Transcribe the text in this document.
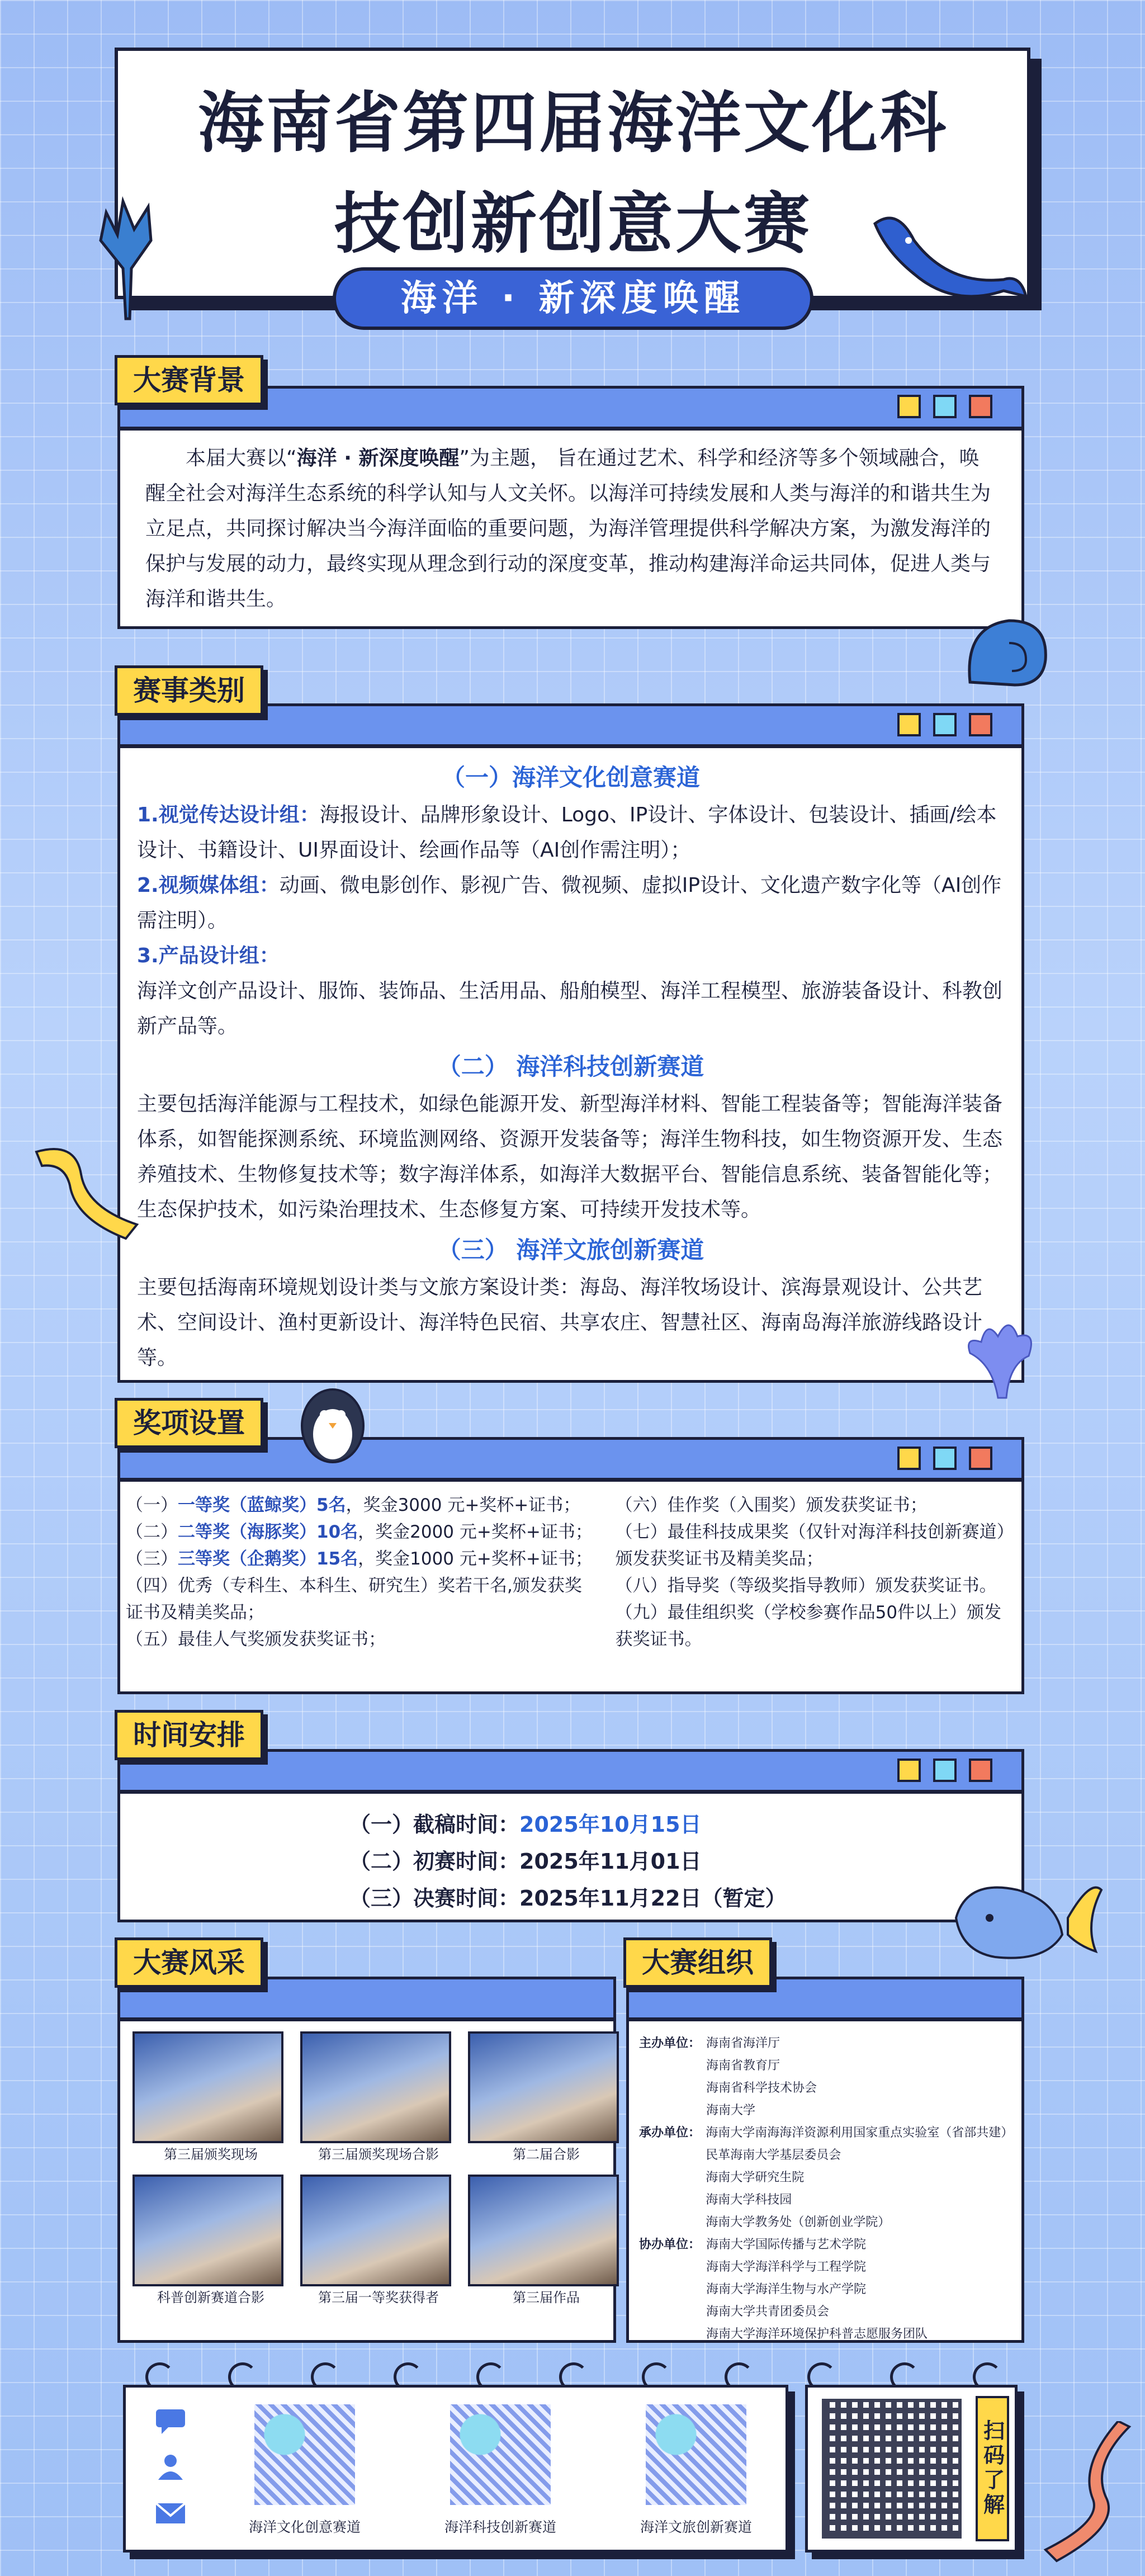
海南省第四届海洋文化科
技创新创意大赛
海洋 · 新深度唤醒
大赛背景

本届大赛以“海洋 · 新深度唤醒”为主题， 旨在通过艺术、科学和经济等多个领域融合，唤醒全社会对海洋生态系统的科学认知与人文关怀。以海洋可持续发展和人类与海洋的和谐共生为立足点，共同探讨解决当今海洋面临的重要问题，为海洋管理提供科学解决方案，为激发海洋的保护与发展的动力，最终实现从理念到行动的深度变革，推动构建海洋命运共同体，促进人类与海洋和谐共生。

赛事类别
（一）海洋文化创意赛道

1.视觉传达设计组：海报设计、品牌形象设计、Logo、IP设计、字体设计、包装设计、插画/绘本设计、书籍设计、UI界面设计、绘画作品等（AI创作需注明）；

2.视频媒体组：动画、微电影创作、影视广告、微视频、虚拟IP设计、文化遗产数字化等（AI创作需注明）。

3.产品设计组：
海洋文创产品设计、服饰、装饰品、生活用品、船舶模型、海洋工程模型、旅游装备设计、科教创新产品等。

（二） 海洋科技创新赛道

主要包括海洋能源与工程技术，如绿色能源开发、新型海洋材料、智能工程装备等；智能海洋装备体系，如智能探测系统、环境监测网络、资源开发装备等；海洋生物科技，如生物资源开发、生态养殖技术、生物修复技术等；数字海洋体系，如海洋大数据平台、智能信息系统、装备智能化等；生态保护技术，如污染治理技术、生态修复方案、可持续开发技术等。

（三） 海洋文旅创新赛道

主要包括海南环境规划设计类与文旅方案设计类：海岛、海洋牧场设计、滨海景观设计、公共艺术、空间设计、渔村更新设计、海洋特色民宿、共享农庄、智慧社区、海南岛海洋旅游线路设计等。

奖项设置
（一）一等奖（蓝鲸奖）5名，奖金3000 元+奖杯+证书；
（二）二等奖（海豚奖）10名，奖金2000 元+奖杯+证书；
（三）三等奖（企鹅奖）15名，奖金1000 元+奖杯+证书；
（四）优秀（专科生、本科生、研究生）奖若干名,颁发获奖证书及精美奖品；
（五）最佳人气奖颁发获奖证书；
（六）佳作奖（入围奖）颁发获奖证书；
（七）最佳科技成果奖（仅针对海洋科技创新赛道）颁发获奖证书及精美奖品；
（八）指导奖（等级奖指导教师）颁发获奖证书。
（九）最佳组织奖（学校参赛作品50件以上）颁发获奖证书。
时间安排
（一）截稿时间：2025年10月15日
（二）初赛时间：2025年11月01日
（三）决赛时间：2025年11月22日（暂定）
大赛风采
第三届颁奖现场	第三届颁奖现场合影	第二届合影
科普创新赛道合影	第三届一等奖获得者	第三届作品
大赛组织
主办单位： 海南省海洋厅
海南省教育厅
海南省科学技术协会
海南大学
承办单位： 海南大学南海海洋资源利用国家重点实验室（省部共建）
民革海南大学基层委员会
海南大学研究生院
海南大学科技园
海南大学教务处（创新创业学院）
协办单位： 海南大学国际传播与艺术学院
海南大学海洋科学与工程学院
海南大学海洋生物与水产学院
海南大学共青团委员会
海南大学海洋环境保护科普志愿服务团队
海洋文化创意赛道	海洋科技创新赛道	海洋文旅创新赛道
扫码了解
